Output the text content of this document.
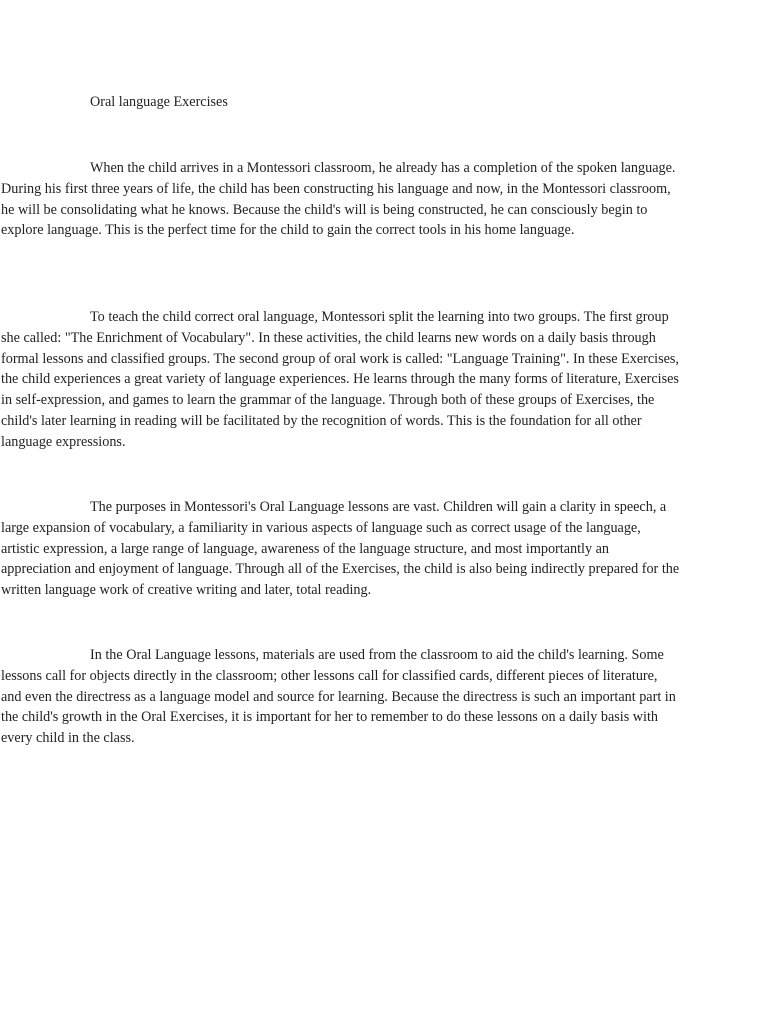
Oral language Exercises

When the child arrives in a Montessori classroom, he already has a completion of the spoken language. During his first three years of life, the child has been constructing his language and now, in the Montessori classroom, he will be consolidating what he knows. Because the child's will is being constructed, he can consciously begin to explore language. This is the perfect time for the child to gain the correct tools in his home language.

To teach the child correct oral language, Montessori split the learning into two groups. The first group she called: "The Enrichment of Vocabulary". In these activities, the child learns new words on a daily basis through formal lessons and classified groups. The second group of oral work is called: "Language Training". In these Exercises, the child experiences a great variety of language experiences. He learns through the many forms of literature, Exercises in self-expression, and games to learn the grammar of the language. Through both of these groups of Exercises, the child's later learning in reading will be facilitated by the recognition of words. This is the foundation for all other language expressions.

The purposes in Montessori's Oral Language lessons are vast. Children will gain a clarity in speech, a large expansion of vocabulary, a familiarity in various aspects of language such as correct usage of the language, artistic expression, a large range of language, awareness of the language structure, and most importantly an appreciation and enjoyment of language. Through all of the Exercises, the child is also being indirectly prepared for the written language work of creative writing and later, total reading.

In the Oral Language lessons, materials are used from the classroom to aid the child's learning. Some lessons call for objects directly in the classroom; other lessons call for classified cards, different pieces of literature, and even the directress as a language model and source for learning. Because the directress is such an important part in the child's growth in the Oral Exercises, it is important for her to remember to do these lessons on a daily basis with every child in the class.
